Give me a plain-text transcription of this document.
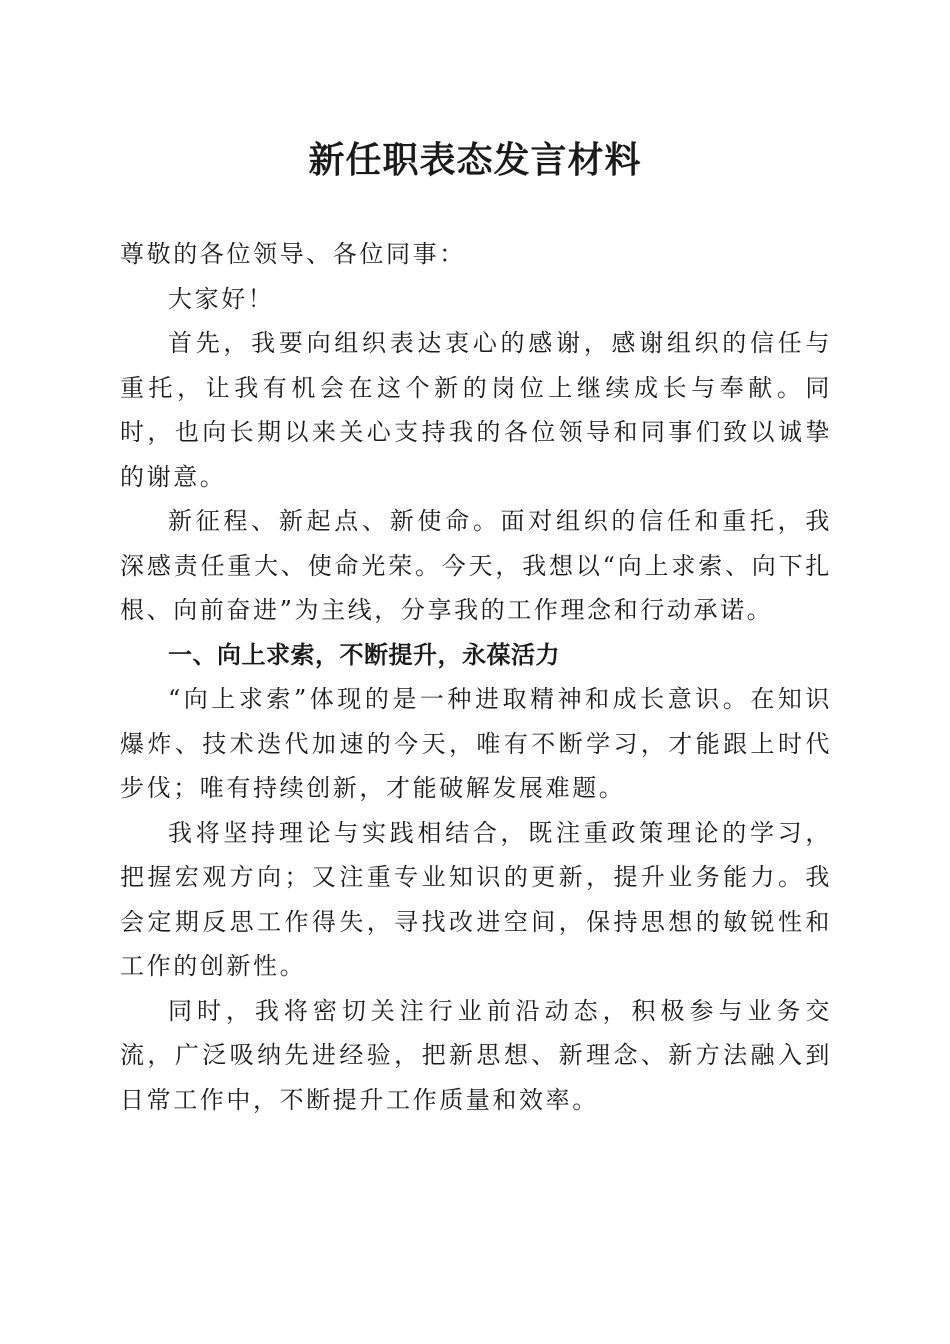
新任职表态发言材料

尊敬的各位领导、各位同事：

大家好！

首先，我要向组织表达衷心的感谢，感谢组织的信任与重托，让我有机会在这个新的岗位上继续成长与奉献。同时，也向长期以来关心支持我的各位领导和同事们致以诚挚的谢意。

新征程、新起点、新使命。面对组织的信任和重托，我深感责任重大、使命光荣。今天，我想以“向上求索、向下扎根、向前奋进”为主线，分享我的工作理念和行动承诺。

一、向上求索，不断提升，永葆活力

“向上求索”体现的是一种进取精神和成长意识。在知识爆炸、技术迭代加速的今天，唯有不断学习，才能跟上时代步伐；唯有持续创新，才能破解发展难题。

我将坚持理论与实践相结合，既注重政策理论的学习，把握宏观方向；又注重专业知识的更新，提升业务能力。我会定期反思工作得失，寻找改进空间，保持思想的敏锐性和工作的创新性。

同时，我将密切关注行业前沿动态，积极参与业务交流，广泛吸纳先进经验，把新思想、新理念、新方法融入到日常工作中，不断提升工作质量和效率。
